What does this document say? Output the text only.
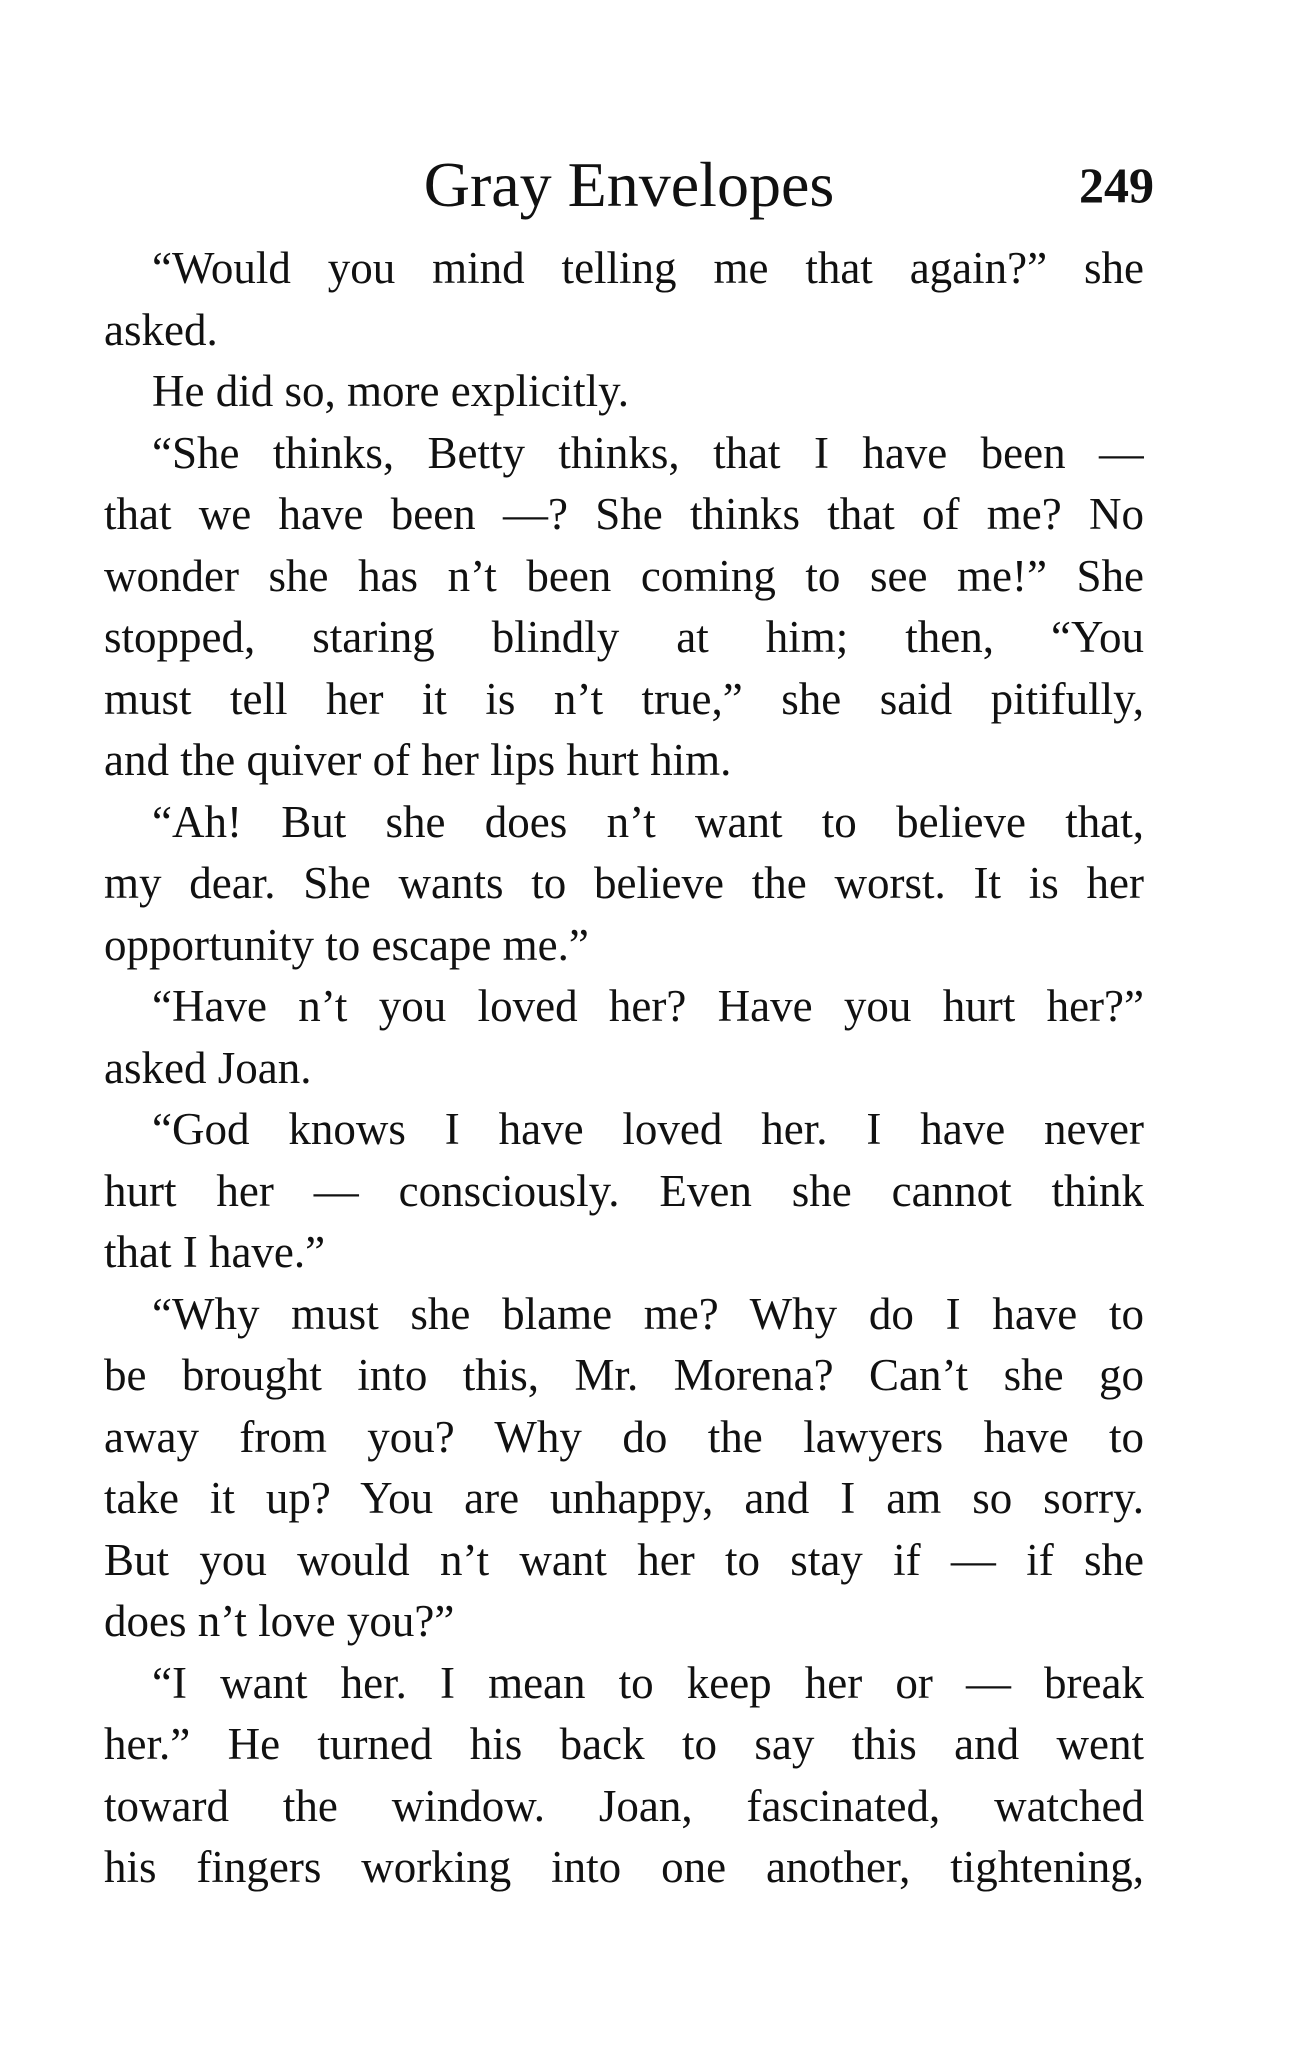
Gray Envelopes	249
“Would you mind telling me that again?” she
asked.
He did so, more explicitly.
“She thinks, Betty thinks, that I have been —
that we have been —? She thinks that of me? No
wonder she has n’t been coming to see me!” She
stopped, staring blindly at him; then, “You
must tell her it is n’t true,” she said pitifully,
and the quiver of her lips hurt him.
“Ah! But she does n’t want to believe that,
my dear. She wants to believe the worst. It is her
opportunity to escape me.”
“Have n’t you loved her? Have you hurt her?”
asked Joan.
“God knows I have loved her. I have never
hurt her — consciously. Even she cannot think
that I have.”
“Why must she blame me? Why do I have to
be brought into this, Mr. Morena? Can’t she go
away from you? Why do the lawyers have to
take it up? You are unhappy, and I am so sorry.
But you would n’t want her to stay if — if she
does n’t love you?”
“I want her. I mean to keep her or — break
her.” He turned his back to say this and went
toward the window. Joan, fascinated, watched
his fingers working into one another, tightening,
